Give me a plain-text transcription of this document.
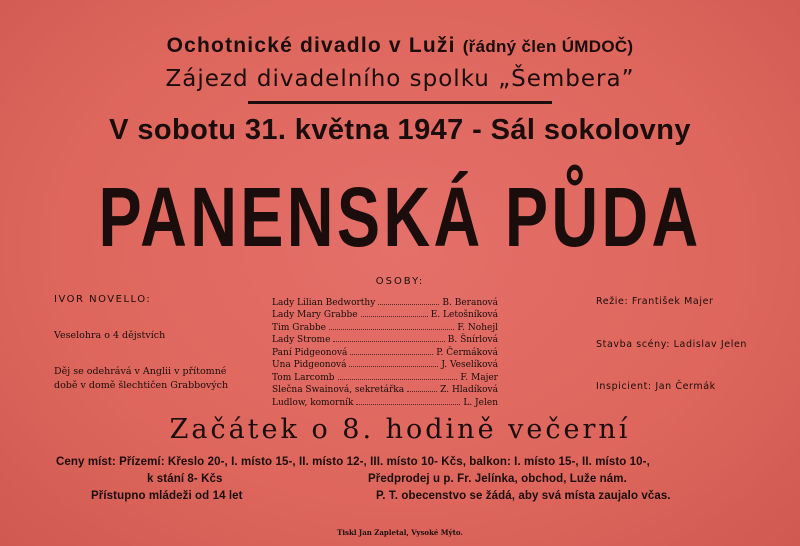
Ochotnické divadlo v Luži (řádný člen ÚMDOČ)
Zájezd divadelního spolku „Šembera”
V sobotu 31. května 1947 - Sál sokolovny
PANENSKÁ PŮDA
OSOBY:
IVOR NOVELLO:
Veselohra o 4 dějstvích
Děj se odehrává v Anglii v přítomné
době v domě šlechtičen Grabbových
Lady Lilian Bedworthy	B. Beranová
Lady Mary Grabbe	E. Letošníková
Tim Grabbe	F. Nohejl
Lady Strome	B. Šnírlová
Paní Pidgeonová	P. Čermáková
Una Pidgeonová	J. Veselíková
Tom Larcomb	F. Majer
Slečna Swainová, sekretářka	Z. Hladíková
Ludlow, komorník	L. Jelen
Režie: František Majer
Stavba scény: Ladislav Jelen
Inspicient: Jan Čermák
Začátek o 8. hodině večerní
Ceny míst: Přízemí: Křeslo 20-, I. místo 15-, II. místo 12-, III. místo 10- Kčs, balkon: I. místo 15-, II. místo 10-,
k stání 8- Kčs	Předprodej u p. Fr. Jelínka, obchod, Luže nám.
Přístupno mládeži od 14 let	P. T. obecenstvo se žádá, aby svá místa zaujalo včas.
Tiskl Jan Zapletal, Vysoké Mýto.
